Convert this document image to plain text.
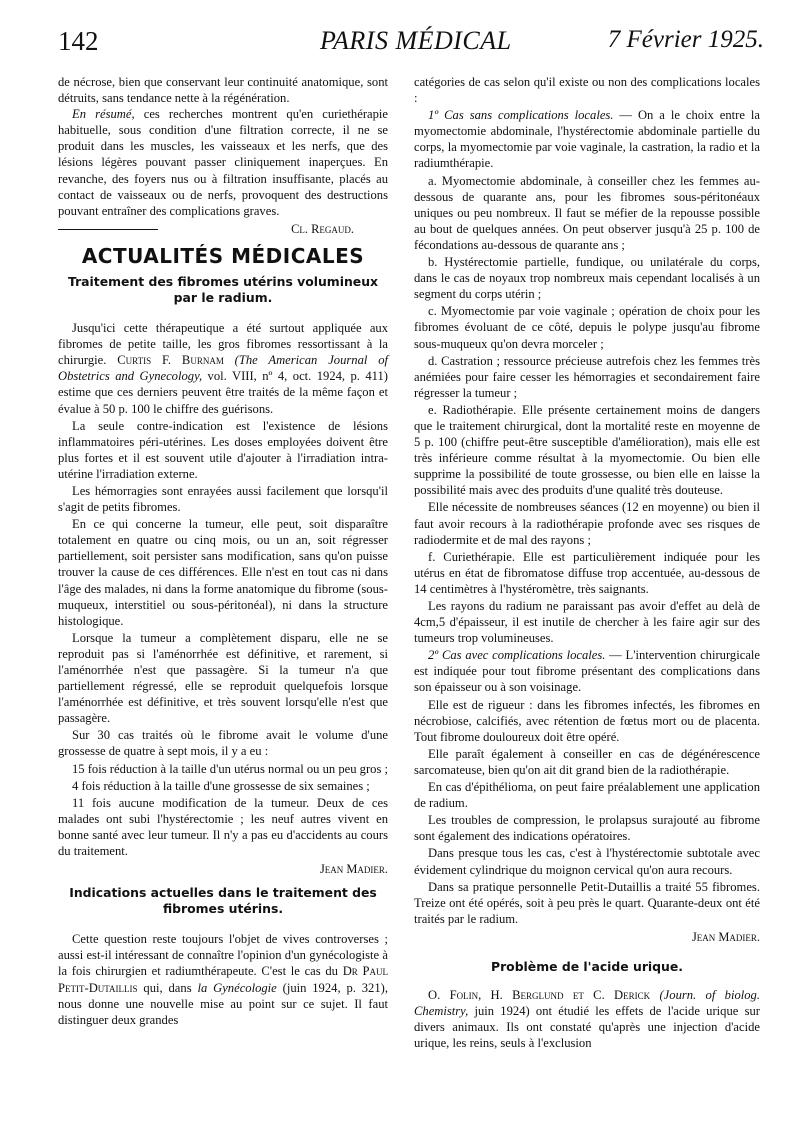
142	PARIS MÉDICAL	7 Février 1925.

de nécrose, bien que conservant leur continuité anatomique, sont détruits, sans tendance nette à la régénération.

En résumé, ces recherches montrent qu'en curiethérapie habituelle, sous condition d'une filtration correcte, il ne se produit dans les muscles, les vaisseaux et les nerfs, que des lésions légères pouvant passer cliniquement inaperçues. En revanche, des foyers nus ou à filtration insuffisante, placés au contact de vaisseaux ou de nerfs, provoquent des destructions pouvant entraîner des complications graves.

Cl. Regaud.

ACTUALITÉS MÉDICALES
Traitement des fibromes utérins volumineux par le radium.

Jusqu'ici cette thérapeutique a été surtout appliquée aux fibromes de petite taille, les gros fibromes ressortissant à la chirurgie. Curtis F. Burnam (The American Journal of Obstetrics and Gynecology, vol. VIII, nº 4, oct. 1924, p. 411) estime que ces derniers peuvent être traités de la même façon et évalue à 50 p. 100 le chiffre des guérisons.

La seule contre-indication est l'existence de lésions inflammatoires péri-utérines. Les doses employées doivent être plus fortes et il est souvent utile d'ajouter à l'irradiation intra-utérine l'irradiation externe.

Les hémorragies sont enrayées aussi facilement que lorsqu'il s'agit de petits fibromes.

En ce qui concerne la tumeur, elle peut, soit disparaître totalement en quatre ou cinq mois, ou un an, soit régresser partiellement, soit persister sans modification, sans qu'on puisse trouver la cause de ces différences. Elle n'est en tout cas ni dans l'âge des malades, ni dans la forme anatomique du fibrome (sous-muqueux, interstitiel ou sous-péritonéal), ni dans la structure histologique.

Lorsque la tumeur a complètement disparu, elle ne se reproduit pas si l'aménorrhée est définitive, et rarement, si l'aménorrhée n'est que passagère. Si la tumeur n'a que partiellement régressé, elle se reproduit quelquefois lorsque l'aménorrhée est définitive, et très souvent lorsqu'elle n'est que passagère.

Sur 30 cas traités où le fibrome avait le volume d'une grossesse de quatre à sept mois, il y a eu :

15 fois réduction à la taille d'un utérus normal ou un peu gros ;

4 fois réduction à la taille d'une grossesse de six semaines ;

11 fois aucune modification de la tumeur. Deux de ces malades ont subi l'hystérectomie ; les neuf autres vivent en bonne santé avec leur tumeur. Il n'y a pas eu d'accidents au cours du traitement.

Jean Madier.

Indications actuelles dans le traitement des fibromes utérins.

Cette question reste toujours l'objet de vives controverses ; aussi est-il intéressant de connaître l'opinion d'un gynécologiste à la fois chirurgien et radiumthérapeute. C'est le cas du Dr Paul Petit-Dutaillis qui, dans la Gynécologie (juin 1924, p. 321), nous donne une nouvelle mise au point sur ce sujet. Il faut distinguer deux grandes

catégories de cas selon qu'il existe ou non des complications locales :

1º Cas sans complications locales. — On a le choix entre la myomectomie abdominale, l'hystérectomie abdominale partielle du corps, la myomectomie par voie vaginale, la castration, la radio et la radiumthérapie.

a. Myomectomie abdominale, à conseiller chez les femmes au-dessous de quarante ans, pour les fibromes sous-péritonéaux uniques ou peu nombreux. Il faut se méfier de la repousse possible au bout de quelques années. On peut observer jusqu'à 25 p. 100 de fécondations au-dessous de quarante ans ;

b. Hystérectomie partielle, fundique, ou unilatérale du corps, dans le cas de noyaux trop nombreux mais cependant localisés à un segment du corps utérin ;

c. Myomectomie par voie vaginale ; opération de choix pour les fibromes évoluant de ce côté, depuis le polype jusqu'au fibrome sous-muqueux qu'on devra morceler ;

d. Castration ; ressource précieuse autrefois chez les femmes très anémiées pour faire cesser les hémorragies et secondairement faire régresser la tumeur ;

e. Radiothérapie. Elle présente certainement moins de dangers que le traitement chirurgical, dont la mortalité reste en moyenne de 5 p. 100 (chiffre peut-être susceptible d'amélioration), mais elle est très inférieure comme résultat à la myomectomie. Ou bien elle supprime la possibilité de toute grossesse, ou bien elle en laisse la possibilité mais avec des produits d'une qualité très douteuse.

Elle nécessite de nombreuses séances (12 en moyenne) ou bien il faut avoir recours à la radiothérapie profonde avec ses risques de radiodermite et de mal des rayons ;

f. Curiethérapie. Elle est particulièrement indiquée pour les utérus en état de fibromatose diffuse trop accentuée, au-dessous de 14 centimètres à l'hystéromètre, très saignants.

Les rayons du radium ne paraissant pas avoir d'effet au delà de 4cm,5 d'épaisseur, il est inutile de chercher à les faire agir sur des tumeurs trop volumineuses.

2º Cas avec complications locales. — L'intervention chirurgicale est indiquée pour tout fibrome présentant des complications dans son épaisseur ou à son voisinage.

Elle est de rigueur : dans les fibromes infectés, les fibromes en nécrobiose, calcifiés, avec rétention de fœtus mort ou de placenta. Tout fibrome douloureux doit être opéré.

Elle paraît également à conseiller en cas de dégénérescence sarcomateuse, bien qu'on ait dit grand bien de la radiothérapie.

En cas d'épithélioma, on peut faire préalablement une application de radium.

Les troubles de compression, le prolapsus surajouté au fibrome sont également des indications opératoires.

Dans presque tous les cas, c'est à l'hystérectomie subtotale avec évidement cylindrique du moignon cervical qu'on aura recours.

Dans sa pratique personnelle Petit-Dutaillis a traité 55 fibromes. Treize ont été opérés, soit à peu près le quart. Quarante-deux ont été traités par le radium.

Jean Madier.

Problème de l'acide urique.

O. Folin, H. Berglund et C. Derick (Journ. of biolog. Chemistry, juin 1924) ont étudié les effets de l'acide urique sur divers animaux. Ils ont constaté qu'après une injection d'acide urique, les reins, seuls à l'exclusion
